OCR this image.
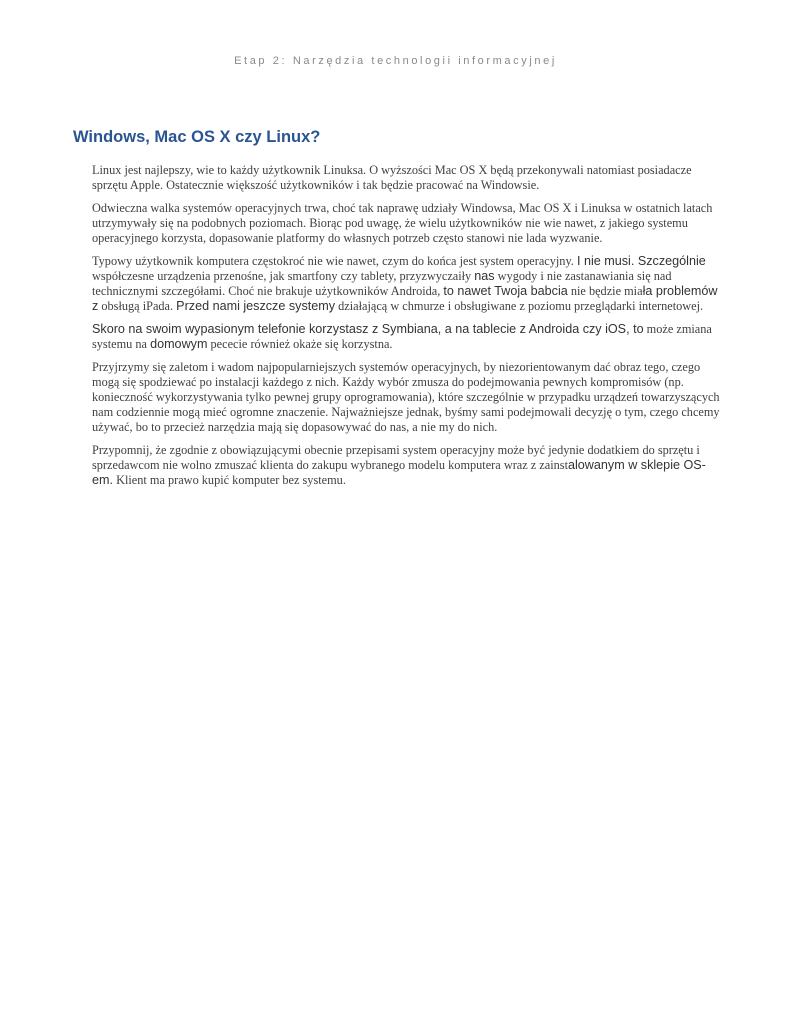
Etap 2: Narzędzia technologii informacyjnej
Windows, Mac OS X czy Linux?

Linux jest najlepszy, wie to każdy użytkownik Linuksa. O wyższości Mac OS X będą przekonywali natomiast posiadacze sprzętu Apple. Ostatecznie większość użytkowników i tak będzie pracować na Windowsie.

Odwieczna walka systemów operacyjnych trwa, choć tak naprawę udziały Windowsa, Mac OS X i Linuksa w ostatnich latach utrzymywały się na podobnych poziomach. Biorąc pod uwagę, że wielu użytkowników nie wie nawet, z jakiego systemu operacyjnego korzysta, dopasowanie platformy do własnych potrzeb często stanowi nie lada wyzwanie.

Typowy użytkownik komputera częstokroć nie wie nawet, czym do końca jest system operacyjny. I nie musi. Szczególnie współczesne urządzenia przenośne, jak smartfony czy tablety, przyzwyczaiły nas wygody i nie zastanawiania się nad technicznymi szczegółami. Choć nie brakuje użytkowników Androida, to nawet Twoja babcia nie będzie miała problemów z obsługą iPada. Przed nami jeszcze systemy działającą w chmurze i obsługiwane z poziomu przeglądarki internetowej.

Skoro na swoim wypasionym telefonie korzystasz z Symbiana, a na tablecie z Androida czy iOS, to może zmiana systemu na domowym pececie również okaże się korzystna.

Przyjrzymy się zaletom i wadom najpopularniejszych systemów operacyjnych, by niezorientowanym dać obraz tego, czego mogą się spodziewać po instalacji każdego z nich. Każdy wybór zmusza do podejmowania pewnych kompromisów (np. konieczność wykorzystywania tylko pewnej grupy oprogramowania), które szczególnie w przypadku urządzeń towarzyszących nam codziennie mogą mieć ogromne znaczenie. Najważniejsze jednak, byśmy sami podejmowali decyzję o tym, czego chcemy używać, bo to przecież narzędzia mają się dopasowywać do nas, a nie my do nich.

Przypomnij, że zgodnie z obowiązującymi obecnie przepisami system operacyjny może być jedynie dodatkiem do sprzętu i sprzedawcom nie wolno zmuszać klienta do zakupu wybranego modelu komputera wraz z zainstalowanym w sklepie OS-em. Klient ma prawo kupić komputer bez systemu.
